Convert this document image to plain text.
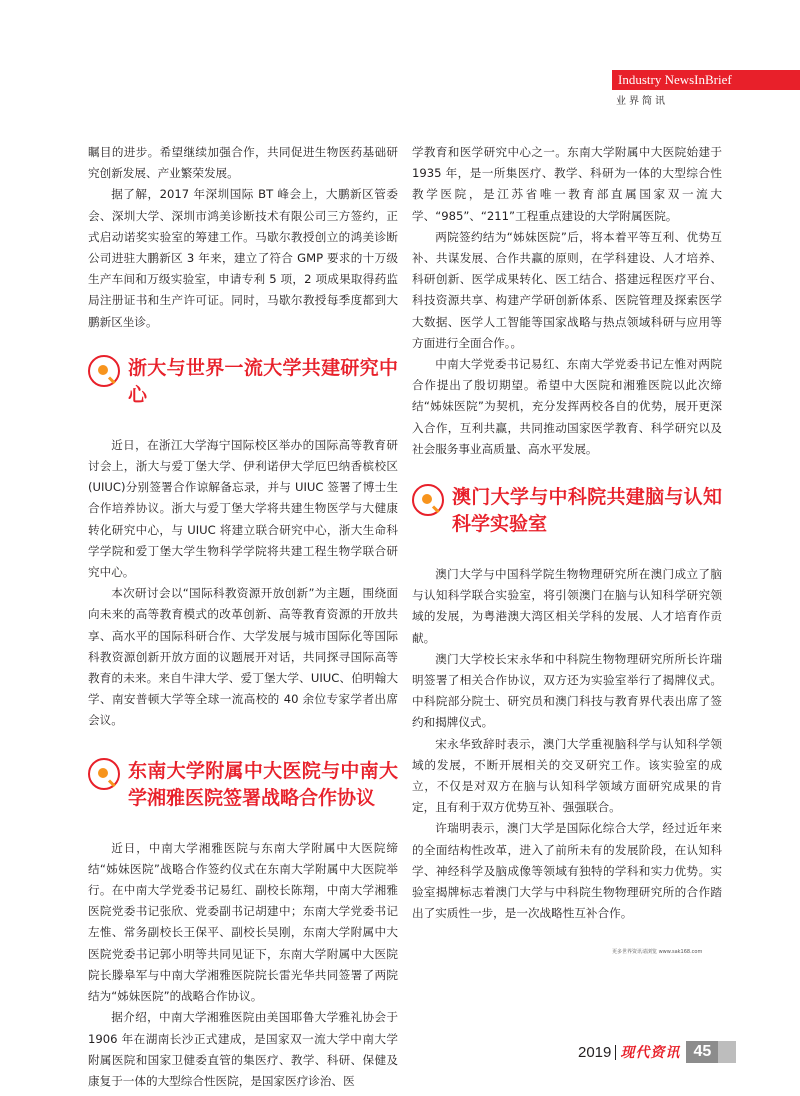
Industry NewsInBrief
业界简讯

瞩目的进步。希望继续加强合作，共同促进生物医药基础研究创新发展、产业繁荣发展。

据了解，2017 年深圳国际 BT 峰会上，大鹏新区管委会、深圳大学、深圳市鸿美诊断技术有限公司三方签约，正式启动诺奖实验室的筹建工作。马歇尔教授创立的鸿美诊断公司进驻大鹏新区 3 年来，建立了符合 GMP 要求的十万级生产车间和万级实验室，申请专利 5 项，2 项成果取得药监局注册证书和生产许可证。同时，马歇尔教授每季度都到大鹏新区坐诊。

浙大与世界一流大学共建研究中心

近日，在浙江大学海宁国际校区举办的国际高等教育研讨会上，浙大与爱丁堡大学、伊利诺伊大学厄巴纳香槟校区(UIUC)分别签署合作谅解备忘录，并与 UIUC 签署了博士生合作培养协议。浙大与爱丁堡大学将共建生物医学与大健康转化研究中心，与 UIUC 将建立联合研究中心，浙大生命科学学院和爱丁堡大学生物科学学院将共建工程生物学联合研究中心。

本次研讨会以“国际科教资源开放创新”为主题，围绕面向未来的高等教育模式的改革创新、高等教育资源的开放共享、高水平的国际科研合作、大学发展与城市国际化等国际科教资源创新开放方面的议题展开对话，共同探寻国际高等教育的未来。来自牛津大学、爱丁堡大学、UIUC、伯明翰大学、南安普顿大学等全球一流高校的 40 余位专家学者出席会议。

东南大学附属中大医院与中南大学湘雅医院签署战略合作协议

近日，中南大学湘雅医院与东南大学附属中大医院缔结“姊妹医院”战略合作签约仪式在东南大学附属中大医院举行。在中南大学党委书记易红、副校长陈翔，中南大学湘雅医院党委书记张欣、党委副书记胡建中；东南大学党委书记左惟、常务副校长王保平、副校长吴刚，东南大学附属中大医院党委书记郭小明等共同见证下，东南大学附属中大医院院长滕皋军与中南大学湘雅医院院长雷光华共同签署了两院结为“姊妹医院”的战略合作协议。

据介绍，中南大学湘雅医院由美国耶鲁大学雅礼协会于 1906 年在湖南长沙正式建成，是国家双一流大学中南大学附属医院和国家卫健委直管的集医疗、教学、科研、保健及康复于一体的大型综合性医院，是国家医疗诊治、医

学教育和医学研究中心之一。东南大学附属中大医院始建于 1935 年，是一所集医疗、教学、科研为一体的大型综合性教学医院，是江苏省唯一教育部直属国家双一流大学、“985”、“211”工程重点建设的大学附属医院。

两院签约结为“姊妹医院”后，将本着平等互利、优势互补、共谋发展、合作共赢的原则，在学科建设、人才培养、科研创新、医学成果转化、医工结合、搭建远程医疗平台、科技资源共享、构建产学研创新体系、医院管理及探索医学大数据、医学人工智能等国家战略与热点领域科研与应用等方面进行全面合作。。

中南大学党委书记易红、东南大学党委书记左惟对两院合作提出了殷切期望。希望中大医院和湘雅医院以此次缔结“姊妹医院”为契机，充分发挥两校各自的优势，展开更深入合作，互利共赢，共同推动国家医学教育、科学研究以及社会服务事业高质量、高水平发展。

澳门大学与中科院共建脑与认知科学实验室

澳门大学与中国科学院生物物理研究所在澳门成立了脑与认知科学联合实验室，将引领澳门在脑与认知科学研究领域的发展，为粤港澳大湾区相关学科的发展、人才培育作贡献。

澳门大学校长宋永华和中科院生物物理研究所所长许瑞明签署了相关合作协议，双方还为实验室举行了揭牌仪式。中科院部分院士、研究员和澳门科技与教育界代表出席了签约和揭牌仪式。

宋永华致辞时表示，澳门大学重视脑科学与认知科学领域的发展，不断开展相关的交叉研究工作。该实验室的成立，不仅是对双方在脑与认知科学领域方面研究成果的肯定，且有利于双方优势互补、强强联合。

许瑞明表示，澳门大学是国际化综合大学，经过近年来的全面结构性改革，进入了前所未有的发展阶段，在认知科学、神经科学及脑成像等领域有独特的学科和实力优势。实验室揭牌标志着澳门大学与中科院生物物理研究所的合作踏出了实质性一步，是一次战略性互补合作。

更多世界资讯请浏览 www.sak168.com
2019 现代资讯 45
